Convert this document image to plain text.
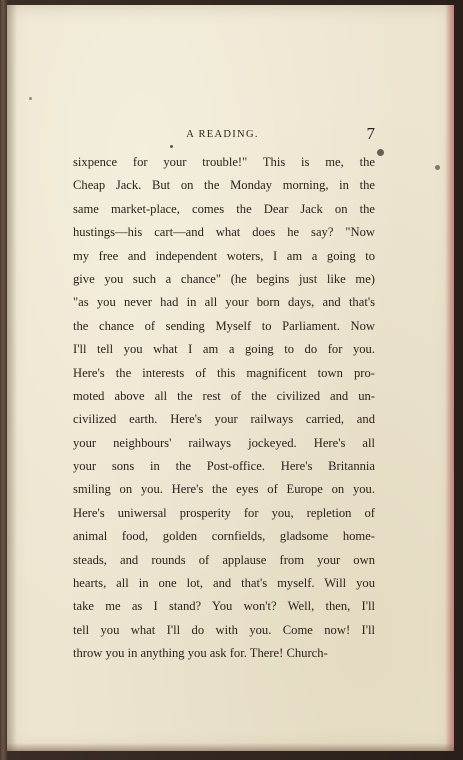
A READING.	7
sixpence for your trouble!" This is me, the
Cheap Jack. But on the Monday morning, in the
same market-place, comes the Dear Jack on the
hustings—his cart—and what does he say? "Now
my free and independent woters, I am a going to
give you such a chance" (he begins just like me)
"as you never had in all your born days, and that's
the chance of sending Myself to Parliament. Now
I'll tell you what I am a going to do for you.
Here's the interests of this magnificent town pro-
moted above all the rest of the civilized and un-
civilized earth. Here's your railways carried, and
your neighbours' railways jockeyed. Here's all
your sons in the Post-office. Here's Britannia
smiling on you. Here's the eyes of Europe on you.
Here's uniwersal prosperity for you, repletion of
animal food, golden cornfields, gladsome home-
steads, and rounds of applause from your own
hearts, all in one lot, and that's myself. Will you
take me as I stand? You won't? Well, then, I'll
tell you what I'll do with you. Come now! I'll
throw you in anything you ask for. There! Church-
